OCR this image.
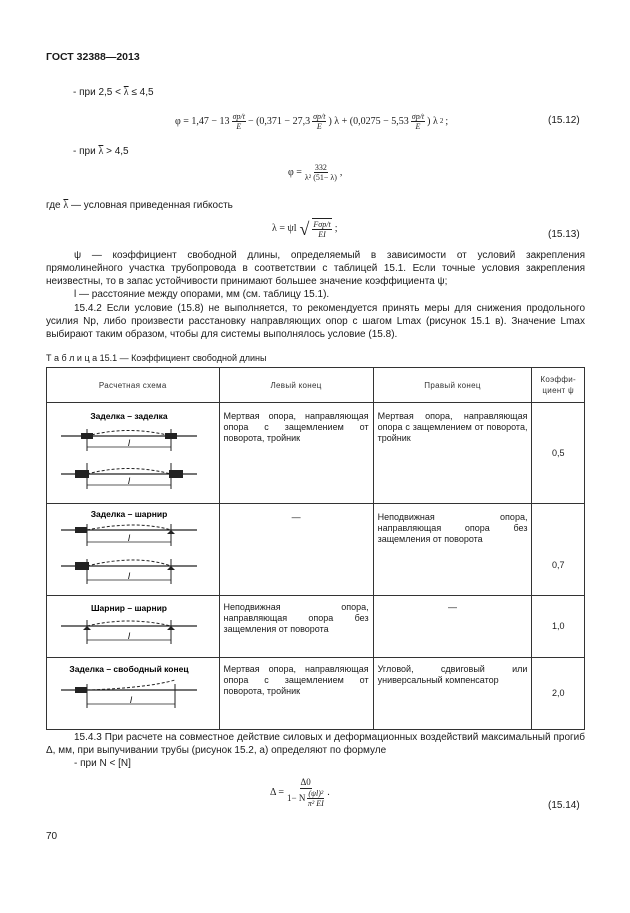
ГОСТ 32388—2013
- при $2,5 < \overline{\lambda} \le 4,5$
$\varphi = 1,47 - 13 \frac{\sigma p/t}{E} - (0,371 - 27,3 \frac{\sigma p/t}{E}$ ) $\lambda + (0,0275 - 5,53 \frac{\sigma p/t}{E}$ ) λ 2 ;	(15.12)
- при $\overline{\lambda} > 4,5$
$\varphi = \frac{332}{\text{λ² (51− λ)}}$ ,
где $\overline{\lambda}$ — условная приведенная гибкость
λ = ψl √ $\frac{\text{Fσp/t}}{EI}$ ;
(15.13)
ψ — коэффициент свободной длины, определяемый в зависимости от условий закрепления прямолинейного участка трубопровода в соответствии с таблицей 15.1. Если точные условия закрепления неизвестны, то в запас устойчивости принимают большее значение коэффициента ψ;
l — расстояние между опорами, мм (см. таблицу 15.1).
15.4.2 Если условие (15.8) не выполняется, то рекомендуется принять меры для снижения продольного усилия Np, либо произвести расстановку направляющих опор с шагом Lmax (рисунок 15.1 в). Значение Lmax выбирают таким образом, чтобы для системы выполнялось условие (15.8).
Т а б л и ц а 15.1 — Коэффициент свободной длины
Расчетная схема	Левый конец	Правый конец	Коэффи-циент ψ

Заделка – заделка
l
l	Мертвая опора, направляющая опора с защемлением от поворота, тройник	Мертвая опора, направляющая опора с защемлением от поворота, тройник	0,5

Заделка – шарнир
l
l	—	Неподвижная опора, направляющая опора без защемления от поворота	0,7

Шарнир – шарнир
l	Неподвижная опора, направляющая опора без защемления от поворота	—	1,0

Заделка – свободный конец
l	Мертвая опора, направляющая опора с защемлением от поворота, тройник	Угловой, сдвиговый или универсальный компенсатор	2,0
15.4.3 При расчете на совместное действие силовых и деформационных воздействий максимальный прогиб Δ, мм, при выпучивании трубы (рисунок 15.2, а) определяют по формуле
- при N < [N]
$\Delta = \frac{\Delta 0}{1- N \frac{\text{(ψl)²}}{\text{π² EI}}}$ .
(15.14)
70
